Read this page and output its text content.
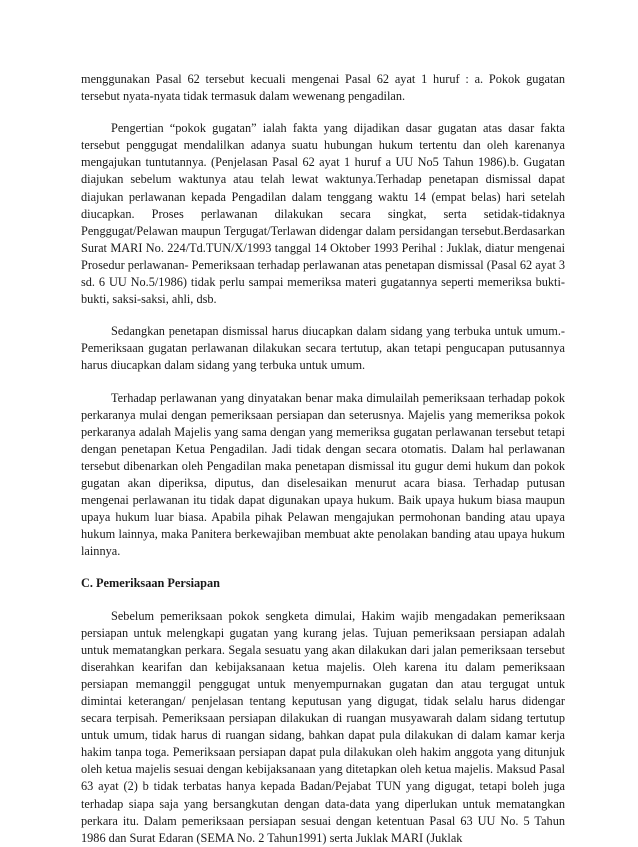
menggunakan Pasal 62 tersebut kecuali mengenai Pasal 62 ayat 1 huruf : a. Pokok gugatan tersebut nyata-nyata tidak termasuk dalam wewenang pengadilan.

Pengertian “pokok gugatan” ialah fakta yang dijadikan dasar gugatan atas dasar fakta tersebut penggugat mendalilkan adanya suatu hubungan hukum tertentu dan oleh karenanya mengajukan tuntutannya. (Penjelasan Pasal 62 ayat 1 huruf a UU No5 Tahun 1986).b. Gugatan diajukan sebelum waktunya atau telah lewat waktunya.Terhadap penetapan dismissal dapat diajukan perlawanan kepada Pengadilan dalam tenggang waktu 14 (empat belas) hari setelah diucapkan. Proses perlawanan dilakukan secara singkat, serta setidak-tidaknya Penggugat/Pelawan maupun Tergugat/Terlawan didengar dalam persidangan tersebut.Berdasarkan Surat MARI No. 224/Td.TUN/X/1993 tanggal 14 Oktober 1993 Perihal : Juklak, diatur mengenai Prosedur perlawanan- Pemeriksaan terhadap perlawanan atas penetapan dismissal (Pasal 62 ayat 3 sd. 6 UU No.5/1986) tidak perlu sampai memeriksa materi gugatannya seperti memeriksa bukti-bukti, saksi-saksi, ahli, dsb.

Sedangkan penetapan dismissal harus diucapkan dalam sidang yang terbuka untuk umum.- Pemeriksaan gugatan perlawanan dilakukan secara tertutup, akan tetapi pengucapan putusannya harus diucapkan dalam sidang yang terbuka untuk umum.

Terhadap perlawanan yang dinyatakan benar maka dimulailah pemeriksaan terhadap pokok perkaranya mulai dengan pemeriksaan persiapan dan seterusnya. Majelis yang memeriksa pokok perkaranya adalah Majelis yang sama dengan yang memeriksa gugatan perlawanan tersebut tetapi dengan penetapan Ketua Pengadilan. Jadi tidak dengan secara otomatis. Dalam hal perlawanan tersebut dibenarkan oleh Pengadilan maka penetapan dismissal itu gugur demi hukum dan pokok gugatan akan diperiksa, diputus, dan diselesaikan menurut acara biasa. Terhadap putusan mengenai perlawanan itu tidak dapat digunakan upaya hukum. Baik upaya hukum biasa maupun upaya hukum luar biasa. Apabila pihak Pelawan mengajukan permohonan banding atau upaya hukum lainnya, maka Panitera berkewajiban membuat akte penolakan banding atau upaya hukum lainnya.

C. Pemeriksaan Persiapan

Sebelum pemeriksaan pokok sengketa dimulai, Hakim wajib mengadakan pemeriksaan persiapan untuk melengkapi gugatan yang kurang jelas. Tujuan pemeriksaan persiapan adalah untuk mematangkan perkara. Segala sesuatu yang akan dilakukan dari jalan pemeriksaan tersebut diserahkan kearifan dan kebijaksanaan ketua majelis. Oleh karena itu dalam pemeriksaan persiapan memanggil penggugat untuk menyempurnakan gugatan dan atau tergugat untuk dimintai keterangan/ penjelasan tentang keputusan yang digugat, tidak selalu harus didengar secara terpisah. Pemeriksaan persiapan dilakukan di ruangan musyawarah dalam sidang tertutup untuk umum, tidak harus di ruangan sidang, bahkan dapat pula dilakukan di dalam kamar kerja hakim tanpa toga. Pemeriksaan persiapan dapat pula dilakukan oleh hakim anggota yang ditunjuk oleh ketua majelis sesuai dengan kebijaksanaan yang ditetapkan oleh ketua majelis. Maksud Pasal 63 ayat (2) b tidak terbatas hanya kepada Badan/Pejabat TUN yang digugat, tetapi boleh juga terhadap siapa saja yang bersangkutan dengan data-data yang diperlukan untuk mematangkan perkara itu. Dalam pemeriksaan persiapan sesuai dengan ketentuan Pasal 63 UU No. 5 Tahun 1986 dan Surat Edaran (SEMA No. 2 Tahun1991) serta Juklak MARI (Juklak
